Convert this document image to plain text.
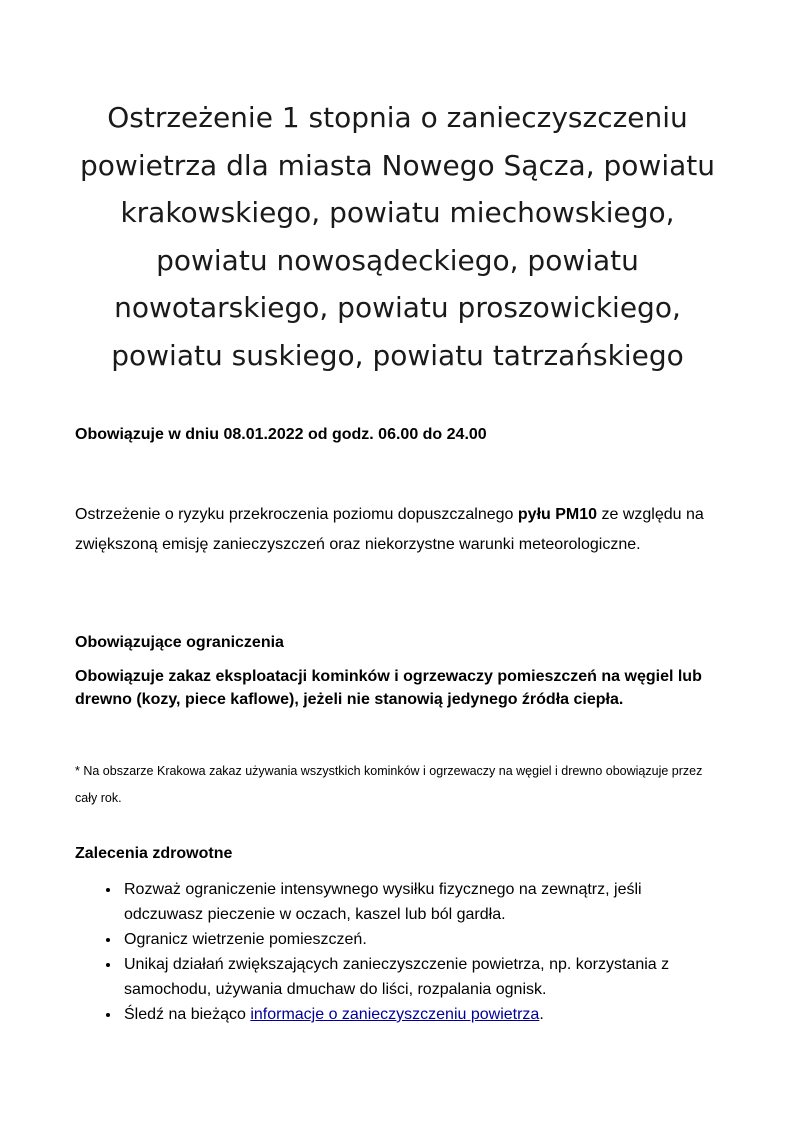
Ostrzeżenie 1 stopnia o zanieczyszczeniu
powietrza dla miasta Nowego Sącza, powiatu
krakowskiego, powiatu miechowskiego,
powiatu nowosądeckiego, powiatu
nowotarskiego, powiatu proszowickiego,
powiatu suskiego, powiatu tatrzańskiego

Obowiązuje w dniu 08.01.2022 od godz. 06.00 do 24.00

Ostrzeżenie o ryzyku przekroczenia poziomu dopuszczalnego pyłu PM10 ze względu na zwiększoną emisję zanieczyszczeń oraz niekorzystne warunki meteorologiczne.

Obowiązujące ograniczenia

Obowiązuje zakaz eksploatacji kominków i ogrzewaczy pomieszczeń na węgiel lub drewno (kozy, piece kaflowe), jeżeli nie stanowią jedynego źródła ciepła.

* Na obszarze Krakowa zakaz używania wszystkich kominków i ogrzewaczy na węgiel i drewno obowiązuje przez cały rok.

Zalecenia zdrowotne
• Rozważ ograniczenie intensywnego wysiłku fizycznego na zewnątrz, jeśli odczuwasz pieczenie w oczach, kaszel lub ból gardła.
• Ogranicz wietrzenie pomieszczeń.
• Unikaj działań zwiększających zanieczyszczenie powietrza, np. korzystania z samochodu, używania dmuchaw do liści, rozpalania ognisk.
• Śledź na bieżąco informacje o zanieczyszczeniu powietrza.
